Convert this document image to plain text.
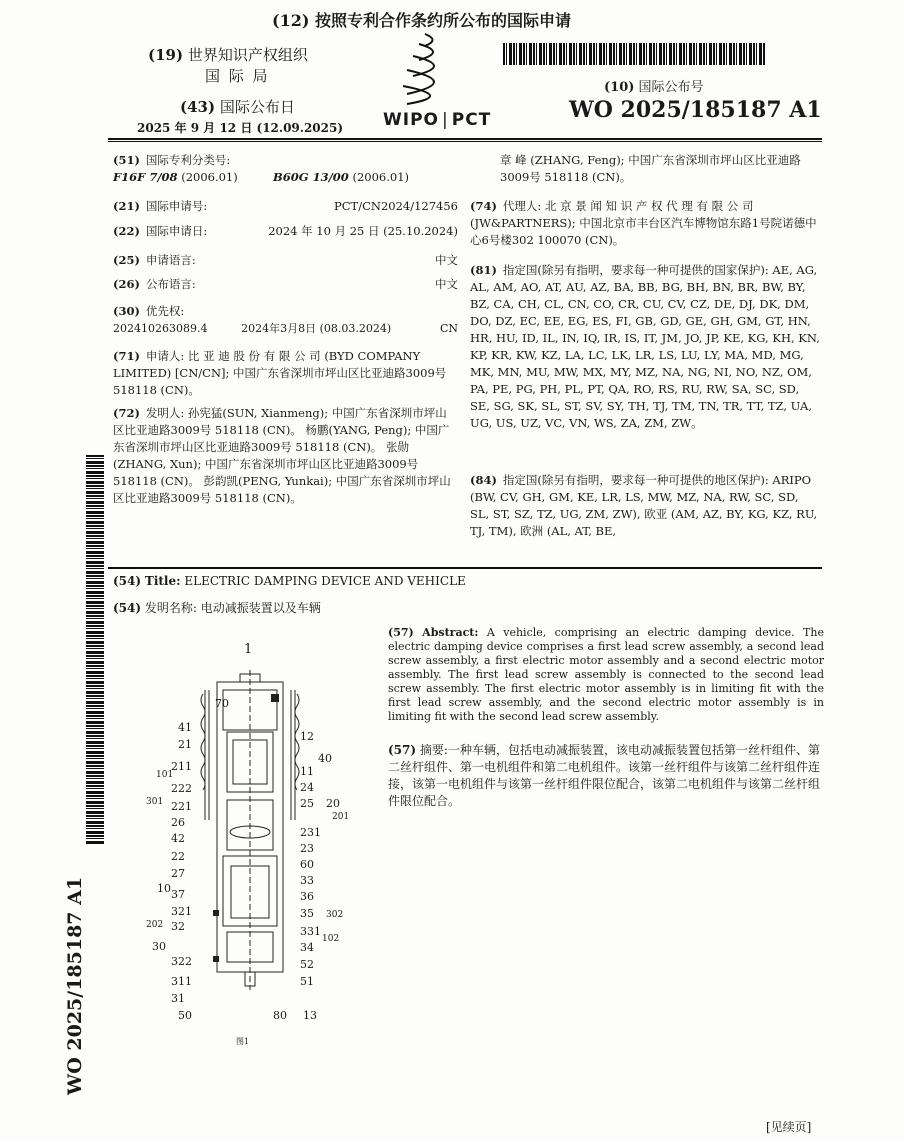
(12) 按照专利合作条约所公布的国际申请
(19) 世界知识产权组织
国 际 局
(43) 国际公布日
2025 年 9 月 12 日 (12.09.2025) WIPO | PCT
(10) 国际公布号
WO 2025/185187 A1
(51) 国际专利分类号:
F16F 7/08 (2006.01)	B60G 13/00 (2006.01)
(21) 国际申请号:	PCT/CN2024/127456
(22) 国际申请日:	2024 年 10 月 25 日 (25.10.2024)
(25) 申请语言:	中文
(26) 公布语言:	中文
(30) 优先权:
202410263089.4	2024年3月8日 (08.03.2024)	CN
(71) 申请人: 比 亚 迪 股 份 有 限 公 司 (BYD COMPANY LIMITED) [CN/CN]; 中国广东省深圳市坪山区比亚迪路3009号 518118 (CN)。
(72) 发明人: 孙宪猛(SUN, Xianmeng); 中国广东省深圳市坪山区比亚迪路3009号 518118 (CN)。 杨鹏(YANG, Peng); 中国广东省深圳市坪山区比亚迪路3009号 518118 (CN)。 张勋 (ZHANG, Xun); 中国广东省深圳市坪山区比亚迪路3009号 518118 (CN)。 彭韵凯(PENG, Yunkai); 中国广东省深圳市坪山区比亚迪路3009号 518118 (CN)。
章 峰 (ZHANG, Feng); 中国广东省深圳市坪山区比亚迪路3009号 518118 (CN)。
(74) 代理人: 北 京 景 闻 知 识 产 权 代 理 有 限 公 司 (JW&PARTNERS); 中国北京市丰台区汽车博物馆东路1号院诺德中心6号楼302 100070 (CN)。
(81) 指定国(除另有指明，要求每一种可提供的国家保护): AE, AG, AL, AM, AO, AT, AU, AZ, BA, BB, BG, BH, BN, BR, BW, BY, BZ, CA, CH, CL, CN, CO, CR, CU, CV, CZ, DE, DJ, DK, DM, DO, DZ, EC, EE, EG, ES, FI, GB, GD, GE, GH, GM, GT, HN, HR, HU, ID, IL, IN, IQ, IR, IS, IT, JM, JO, JP, KE, KG, KH, KN, KP, KR, KW, KZ, LA, LC, LK, LR, LS, LU, LY, MA, MD, MG, MK, MN, MU, MW, MX, MY, MZ, NA, NG, NI, NO, NZ, OM, PA, PE, PG, PH, PL, PT, QA, RO, RS, RU, RW, SA, SC, SD, SE, SG, SK, SL, ST, SV, SY, TH, TJ, TM, TN, TR, TT, TZ, UA, UG, US, UZ, VC, VN, WS, ZA, ZM, ZW。
(84) 指定国(除另有指明，要求每一种可提供的地区保护): ARIPO (BW, CV, GH, GM, KE, LR, LS, MW, MZ, NA, RW, SC, SD, SL, ST, SZ, TZ, UG, ZM, ZW), 欧亚 (AM, AZ, BY, KG, KZ, RU, TJ, TM), 欧洲 (AL, AT, BE,
(54) Title: ELECTRIC DAMPING DEVICE AND VEHICLE
(54) 发明名称: 电动减振装置以及车辆
(57) Abstract: A vehicle, comprising an electric damping device. The electric damping device comprises a first lead screw assembly, a second lead screw assembly, a first electric motor assembly and a second electric motor assembly. The first lead screw assembly is connected to the second lead screw assembly. The first electric motor assembly is in limiting fit with the first lead screw assembly, and the second electric motor assembly is in limiting fit with the second lead screw assembly.
(57) 摘要:一种车辆，包括电动减振装置，该电动减振装置包括第一丝杆组件、第二丝杆组件、第一电机组件和第二电机组件。该第一丝杆组件与该第二丝杆组件连接，该第一电机组件与该第一丝杆组件限位配合，该第二电机组件与该第二丝杆组件限位配合。
WO 2025/185187 A1
1
70
41
21
211
101
222
301 221
26
42
22
27
10 37
321
202 32
30
322
311
31
50
12
40
11
24
25 20
201
231
23
60
33
36
35 302
331
102
34
52
51
80 13
图1
[见续页]
